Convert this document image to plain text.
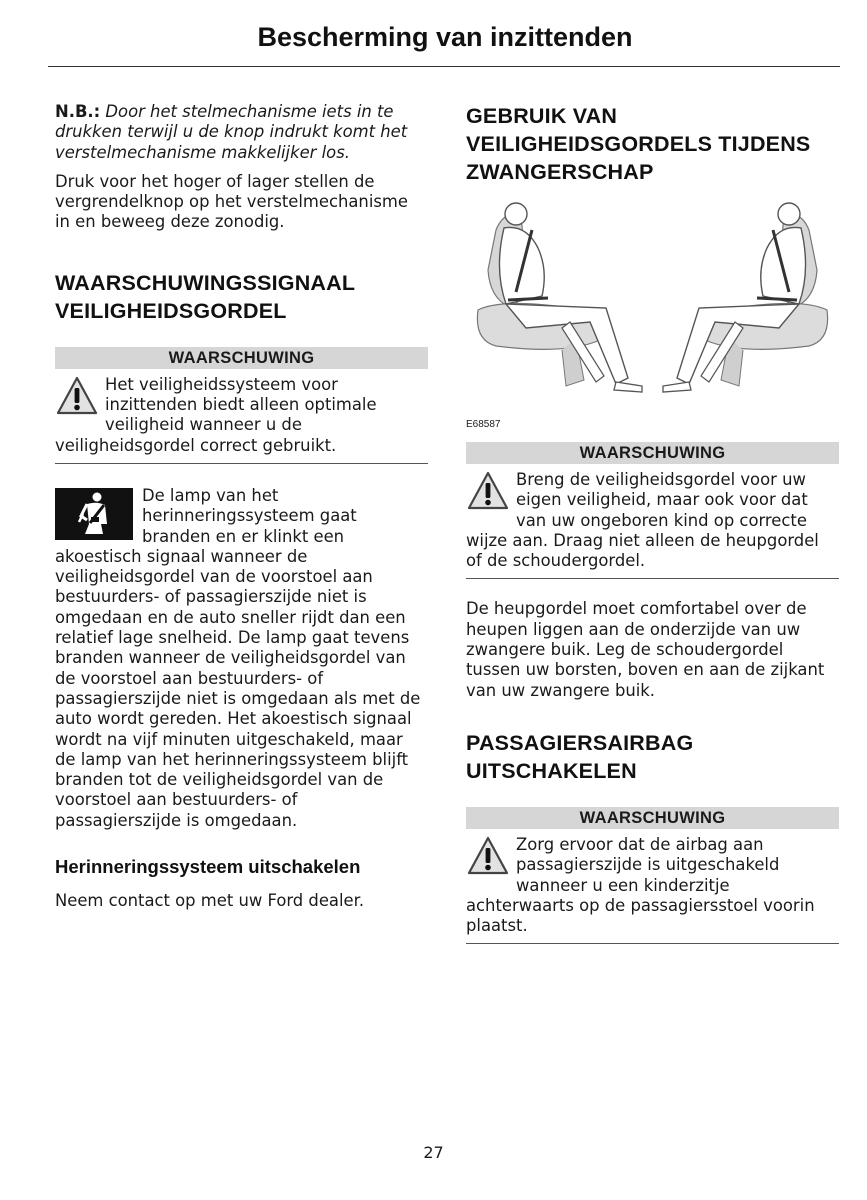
Bescherming van inzittenden

N.B.: Door het stelmechanisme iets in te drukken terwijl u de knop indrukt komt het verstelmechanisme makkelijker los.

Druk voor het hoger of lager stellen de vergrendelknop op het verstelmechanisme in en beweeg deze zonodig.

WAARSCHUWINGSSIGNAAL VEILIGHEIDSGORDEL
WAARSCHUWING

Het veiligheidssysteem voor inzittenden biedt alleen optimale veiligheid wanneer u de veiligheidsgordel correct gebruikt.

De lamp van het herinneringssysteem gaat branden en er klinkt een akoestisch signaal wanneer de veiligheidsgordel van de voorstoel aan bestuurders- of passagierszijde niet is omgedaan en de auto sneller rijdt dan een relatief lage snelheid. De lamp gaat tevens branden wanneer de veiligheidsgordel van de voorstoel aan bestuurders- of passagierszijde niet is omgedaan als met de auto wordt gereden. Het akoestisch signaal wordt na vijf minuten uitgeschakeld, maar de lamp van het herinneringssysteem blijft branden tot de veiligheidsgordel van de voorstoel aan bestuurders- of passagierszijde is omgedaan.

Herinneringssysteem uitschakelen

Neem contact op met uw Ford dealer.

GEBRUIK VAN VEILIGHEIDSGORDELS TIJDENS ZWANGERSCHAP
E68587
WAARSCHUWING

Breng de veiligheidsgordel voor uw eigen veiligheid, maar ook voor dat van uw ongeboren kind op correcte wijze aan. Draag niet alleen de heupgordel of de schoudergordel.

De heupgordel moet comfortabel over de heupen liggen aan de onderzijde van uw zwangere buik. Leg de schoudergordel tussen uw borsten, boven en aan de zijkant van uw zwangere buik.

PASSAGIERSAIRBAG UITSCHAKELEN
WAARSCHUWING

Zorg ervoor dat de airbag aan passagierszijde is uitgeschakeld wanneer u een kinderzitje achterwaarts op de passagiersstoel voorin plaatst.

27
